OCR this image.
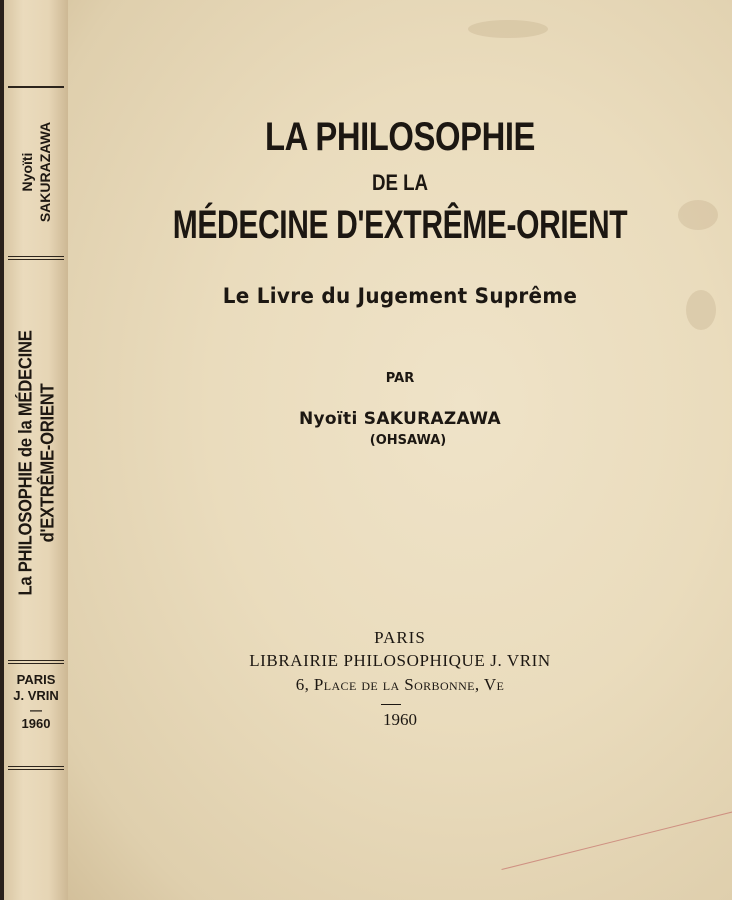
Nyoïti SAKURAZAWA
La PHILOSOPHIE de la MÉDECINE d'EXTRÊME-ORIENT
PARIS
J. VRIN
—
1960
LA PHILOSOPHIE
DE LA
MÉDECINE D'EXTRÊME-ORIENT
Le Livre du Jugement Suprême
PAR
Nyoïti SAKURAZAWA
(OHSAWA)
PARIS
LIBRAIRIE PHILOSOPHIQUE J. VRIN
6, Place de la Sorbonne, Ve
1960
